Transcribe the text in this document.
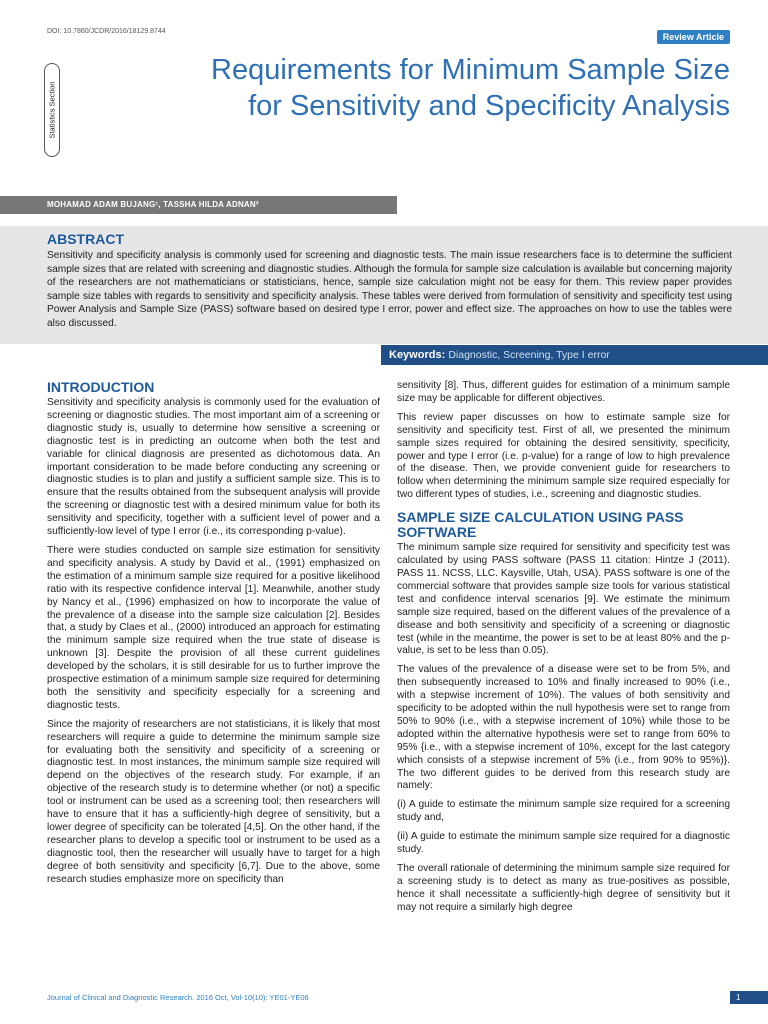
DOI: 10.7860/JCDR/2016/18129.8744
Review Article
Statistics Section
Requirements for Minimum Sample Size for Sensitivity and Specificity Analysis
MOHAMAD ADAM BUJANG¹, TASSHA HILDA ADNAN²
ABSTRACT

Sensitivity and specificity analysis is commonly used for screening and diagnostic tests. The main issue researchers face is to determine the sufficient sample sizes that are related with screening and diagnostic studies. Although the formula for sample size calculation is available but concerning majority of the researchers are not mathematicians or statisticians, hence, sample size calculation might not be easy for them. This review paper provides sample size tables with regards to sensitivity and specificity analysis. These tables were derived from formulation of sensitivity and specificity test using Power Analysis and Sample Size (PASS) software based on desired type I error, power and effect size. The approaches on how to use the tables were also discussed.

Keywords: Diagnostic, Screening, Type I error
INTRODUCTION

Sensitivity and specificity analysis is commonly used for the evaluation of screening or diagnostic studies. The most important aim of a screening or diagnostic study is, usually to determine how sensitive a screening or diagnostic test is in predicting an outcome when both the test and variable for clinical diagnosis are presented as dichotomous data. An important consideration to be made before conducting any screening or diagnostic studies is to plan and justify a sufficient sample size. This is to ensure that the results obtained from the subsequent analysis will provide the screening or diagnostic test with a desired minimum value for both its sensitivity and specificity, together with a sufficient level of power and a sufficiently-low level of type I error (i.e., its corresponding p-value).

There were studies conducted on sample size estimation for sensitivity and specificity analysis. A study by David et al., (1991) emphasized on the estimation of a minimum sample size required for a positive likelihood ratio with its respective confidence interval [1]. Meanwhile, another study by Nancy et al., (1996) emphasized on how to incorporate the value of the prevalence of a disease into the sample size calculation [2]. Besides that, a study by Claes et al., (2000) introduced an approach for estimating the minimum sample size required when the true state of disease is unknown [3]. Despite the provision of all these current guidelines developed by the scholars, it is still desirable for us to further improve the prospective estimation of a minimum sample size required for determining both the sensitivity and specificity especially for a screening and diagnostic tests.

Since the majority of researchers are not statisticians, it is likely that most researchers will require a guide to determine the minimum sample size for evaluating both the sensitivity and specificity of a screening or diagnostic test. In most instances, the minimum sample size required will depend on the objectives of the research study. For example, if an objective of the research study is to determine whether (or not) a specific tool or instrument can be used as a screening tool; then researchers will have to ensure that it has a sufficiently-high degree of sensitivity, but a lower degree of specificity can be tolerated [4,5]. On the other hand, if the researcher plans to develop a specific tool or instrument to be used as a diagnostic tool, then the researcher will usually have to target for a high degree of both sensitivity and specificity [6,7]. Due to the above, some research studies emphasize more on specificity than

sensitivity [8]. Thus, different guides for estimation of a minimum sample size may be applicable for different objectives.

This review paper discusses on how to estimate sample size for sensitivity and specificity test. First of all, we presented the minimum sample sizes required for obtaining the desired sensitivity, specificity, power and type I error (i.e. p-value) for a range of low to high prevalence of the disease. Then, we provide convenient guide for researchers to follow when determining the minimum sample size required especially for two different types of studies, i.e., screening and diagnostic studies.

SAMPLE SIZE CALCULATION USING PASS SOFTWARE

The minimum sample size required for sensitivity and specificity test was calculated by using PASS software (PASS 11 citation: Hintze J (2011). PASS 11. NCSS, LLC. Kaysville, Utah, USA). PASS software is one of the commercial software that provides sample size tools for various statistical test and confidence interval scenarios [9]. We estimate the minimum sample size required, based on the different values of the prevalence of a disease and both sensitivity and specificity of a screening or diagnostic test (while in the meantime, the power is set to be at least 80% and the p-value, is set to be less than 0.05).

The values of the prevalence of a disease were set to be from 5%, and then subsequently increased to 10% and finally increased to 90% (i.e., with a stepwise increment of 10%). The values of both sensitivity and specificity to be adopted within the null hypothesis were set to range from 50% to 90% (i.e., with a stepwise increment of 10%) while those to be adopted within the alternative hypothesis were set to range from 60% to 95% {i.e., with a stepwise increment of 10%, except for the last category which consists of a stepwise increment of 5% (i.e., from 90% to 95%)}. The two different guides to be derived from this research study are namely:

(i) A guide to estimate the minimum sample size required for a screening study and,

(ii) A guide to estimate the minimum sample size required for a diagnostic study.

The overall rationale of determining the minimum sample size required for a screening study is to detect as many as true-positives as possible, hence it shall necessitate a sufficiently-high degree of sensitivity but it may not require a similarly high degree

Journal of Clinical and Diagnostic Research. 2016 Oct, Vol-10(10): YE01-YE06	1
